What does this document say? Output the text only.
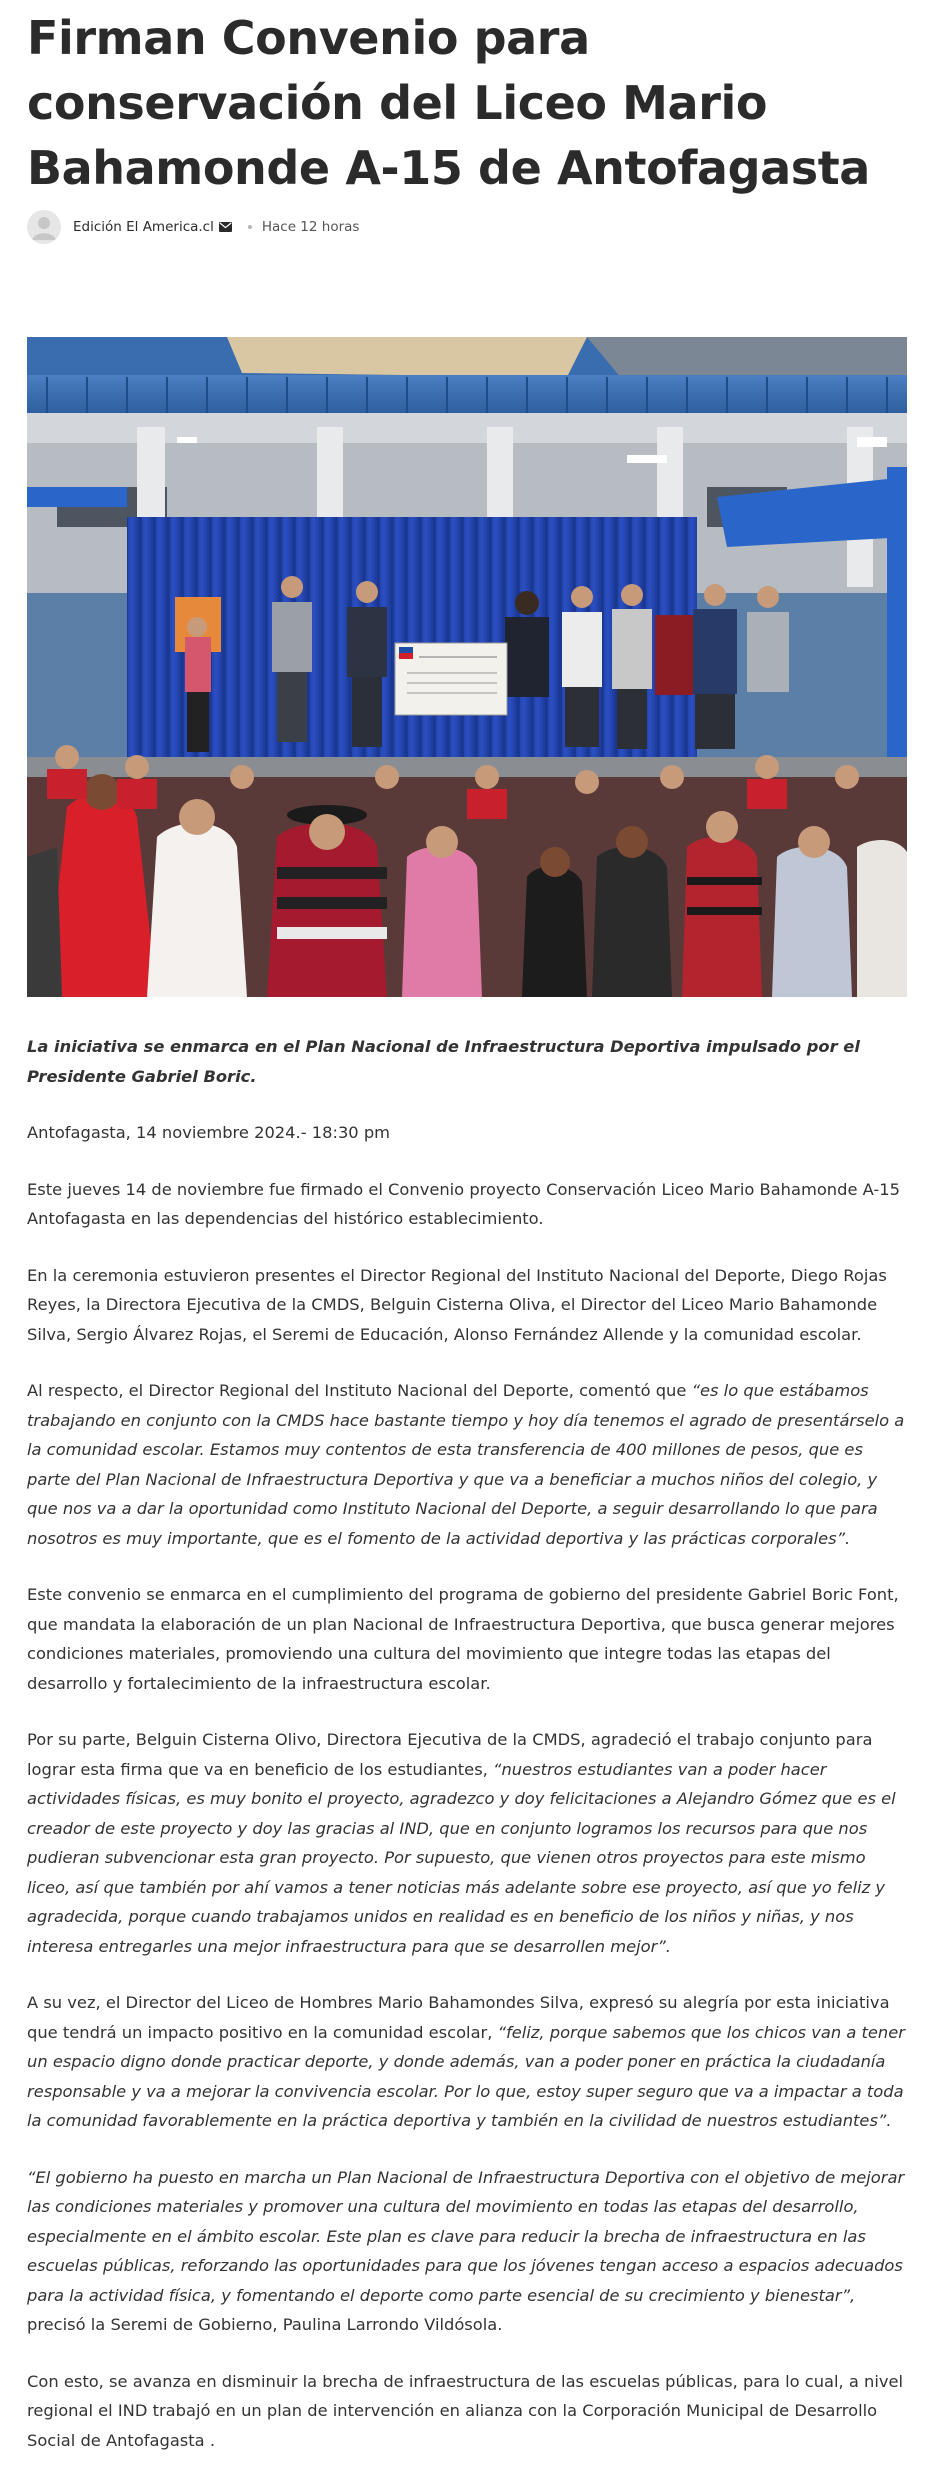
Firman Convenio para conservación del Liceo Mario Bahamonde A-15 de Antofagasta
Edición El America.cl	Hace 12 horas

La iniciativa se enmarca en el Plan Nacional de Infraestructura Deportiva impulsado por el Presidente Gabriel Boric.

Antofagasta, 14 noviembre 2024.- 18:30 pm

Este jueves 14 de noviembre fue firmado el Convenio proyecto Conservación Liceo Mario Bahamonde A-15 Antofagasta en las dependencias del histórico establecimiento.

En la ceremonia estuvieron presentes el Director Regional del Instituto Nacional del Deporte, Diego Rojas Reyes, la Directora Ejecutiva de la CMDS, Belguin Cisterna Oliva, el Director del Liceo Mario Bahamonde Silva, Sergio Álvarez Rojas, el Seremi de Educación, Alonso Fernández Allende y la comunidad escolar.

Al respecto, el Director Regional del Instituto Nacional del Deporte, comentó que “es lo que estábamos trabajando en conjunto con la CMDS hace bastante tiempo y hoy día tenemos el agrado de presentárselo a la comunidad escolar. Estamos muy contentos de esta transferencia de 400 millones de pesos, que es parte del Plan Nacional de Infraestructura Deportiva y que va a beneficiar a muchos niños del colegio, y que nos va a dar la oportunidad como Instituto Nacional del Deporte, a seguir desarrollando lo que para nosotros es muy importante, que es el fomento de la actividad deportiva y las prácticas corporales”.

Este convenio se enmarca en el cumplimiento del programa de gobierno del presidente Gabriel Boric Font, que mandata la elaboración de un plan Nacional de Infraestructura Deportiva, que busca generar mejores condiciones materiales, promoviendo una cultura del movimiento que integre todas las etapas del desarrollo y fortalecimiento de la infraestructura escolar.

Por su parte, Belguin Cisterna Olivo, Directora Ejecutiva de la CMDS, agradeció el trabajo conjunto para lograr esta firma que va en beneficio de los estudiantes, “nuestros estudiantes van a poder hacer actividades físicas, es muy bonito el proyecto, agradezco y doy felicitaciones a Alejandro Gómez que es el creador de este proyecto y doy las gracias al IND, que en conjunto logramos los recursos para que nos pudieran subvencionar esta gran proyecto. Por supuesto, que vienen otros proyectos para este mismo liceo, así que también por ahí vamos a tener noticias más adelante sobre ese proyecto, así que yo feliz y agradecida, porque cuando trabajamos unidos en realidad es en beneficio de los niños y niñas, y nos interesa entregarles una mejor infraestructura para que se desarrollen mejor”.

A su vez, el Director del Liceo de Hombres Mario Bahamondes Silva, expresó su alegría por esta iniciativa que tendrá un impacto positivo en la comunidad escolar, “feliz, porque sabemos que los chicos van a tener un espacio digno donde practicar deporte, y donde además, van a poder poner en práctica la ciudadanía responsable y va a mejorar la convivencia escolar. Por lo que, estoy super seguro que va a impactar a toda la comunidad favorablemente en la práctica deportiva y también en la civilidad de nuestros estudiantes”.

“El gobierno ha puesto en marcha un Plan Nacional de Infraestructura Deportiva con el objetivo de mejorar las condiciones materiales y promover una cultura del movimiento en todas las etapas del desarrollo, especialmente en el ámbito escolar. Este plan es clave para reducir la brecha de infraestructura en las escuelas públicas, reforzando las oportunidades para que los jóvenes tengan acceso a espacios adecuados para la actividad física, y fomentando el deporte como parte esencial de su crecimiento y bienestar”, precisó la Seremi de Gobierno, Paulina Larrondo Vildósola.

Con esto, se avanza en disminuir la brecha de infraestructura de las escuelas públicas, para lo cual, a nivel regional el IND trabajó en un plan de intervención en alianza con la Corporación Municipal de Desarrollo Social de Antofagasta .
